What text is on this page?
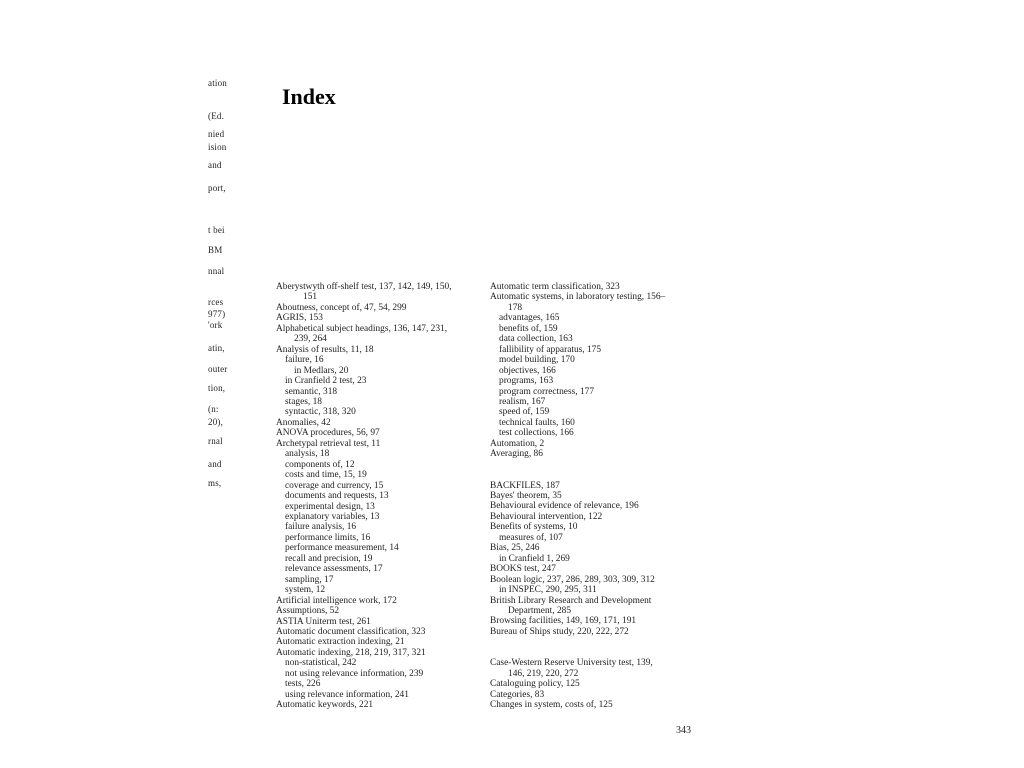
ation
(Ed.
nied
ision
and
port,
t bei
BM
nnal
rces
977)
'ork
atin,
outer
tion,
(n:
20),
rnal
and
ms,
Index
Aberystwyth off-shelf test, 137, 142, 149, 150,
151
Aboutness, concept of, 47, 54, 299
AGRIS, 153
Alphabetical subject headings, 136, 147, 231,
239, 264
Analysis of results, 11, 18
failure, 16
in Medlars, 20
in Cranfield 2 test, 23
semantic, 318
stages, 18
syntactic, 318, 320
Anomalies, 42
ANOVA procedures, 56, 97
Archetypal retrieval test, 11
analysis, 18
components of, 12
costs and time, 15, 19
coverage and currency, 15
documents and requests, 13
experimental design, 13
explanatory variables, 13
failure analysis, 16
performance limits, 16
performance measurement, 14
recall and precision, 19
relevance assessments, 17
sampling, 17
system, 12
Artificial intelligence work, 172
Assumptions, 52
ASTIA Uniterm test, 261
Automatic document classification, 323
Automatic extraction indexing, 21
Automatic indexing, 218, 219, 317, 321
non-statistical, 242
not using relevance information, 239
tests, 226
using relevance information, 241
Automatic keywords, 221
Automatic term classification, 323
Automatic systems, in laboratory testing, 156–
178
advantages, 165
benefits of, 159
data collection, 163
fallibility of apparatus, 175
model building, 170
objectives, 166
programs, 163
program correctness, 177
realism, 167
speed of, 159
technical faults, 160
test collections, 166
Automation, 2
Averaging, 86
BACKFILES, 187
Bayes' theorem, 35
Behavioural evidence of relevance, 196
Behavioural intervention, 122
Benefits of systems, 10
measures of, 107
Bias, 25, 246
in Cranfield 1, 269
BOOKS test, 247
Boolean logic, 237, 286, 289, 303, 309, 312
in INSPEC, 290, 295, 311
British Library Research and Development
Department, 285
Browsing facilities, 149, 169, 171, 191
Bureau of Ships study, 220, 222, 272
Case-Western Reserve University test, 139,
146, 219, 220, 272
Cataloguing policy, 125
Categories, 83
Changes in system, costs of, 125
343
